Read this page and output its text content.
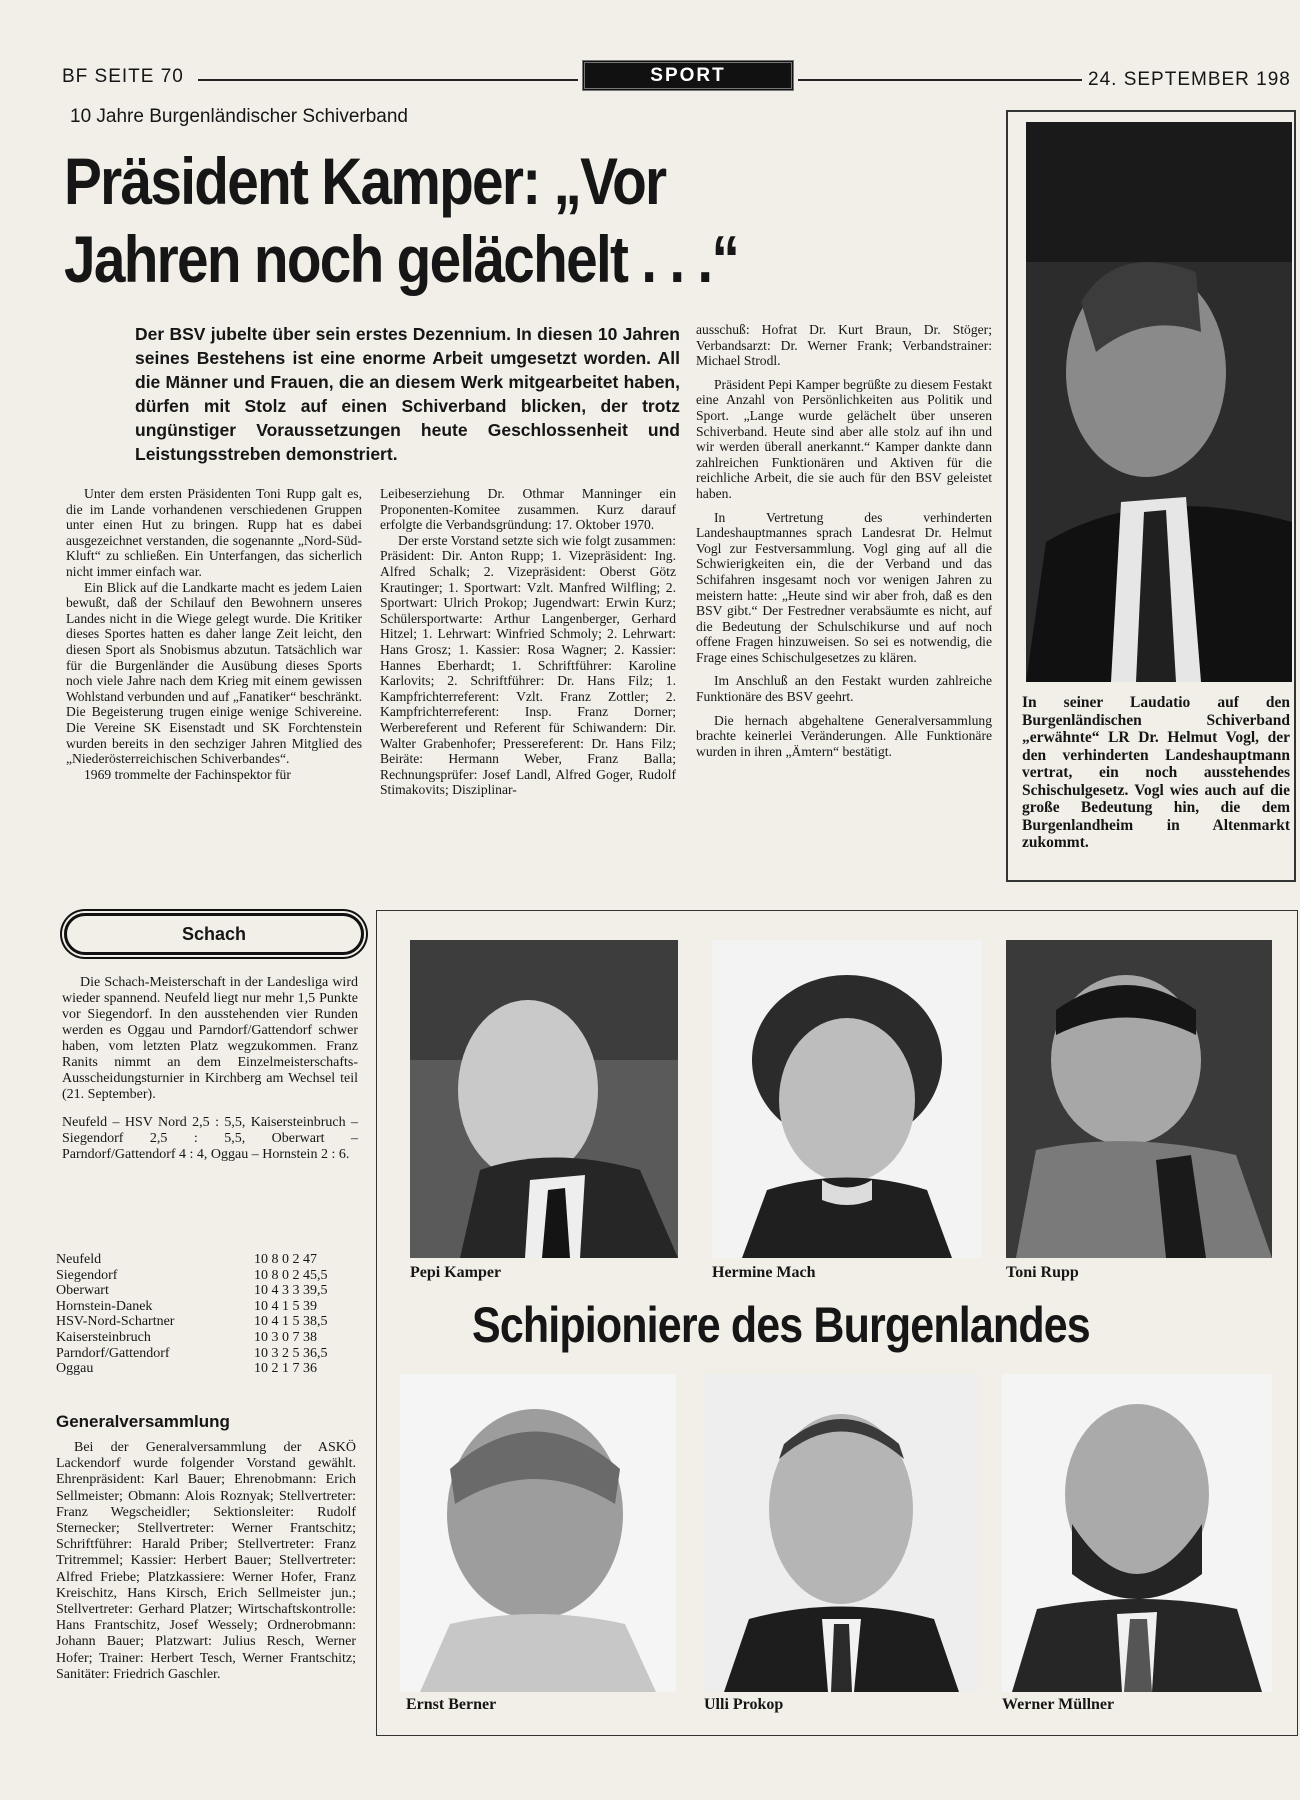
BF SEITE 70	SPORT	24. SEPTEMBER 198
10 Jahre Burgenländischer Schiverband
Präsident Kamper: „Vor
Jahren noch gelächelt . . .“
Der BSV jubelte über sein erstes Dezennium. In diesen 10 Jahren seines Bestehens ist eine enorme Arbeit umgesetzt worden. All die Männer und Frauen, die an diesem Werk mitgearbeitet haben, dürfen mit Stolz auf einen Schiverband blicken, der trotz ungünstiger Voraussetzungen heute Geschlossenheit und Leistungsstreben demonstriert.

Unter dem ersten Präsidenten Toni Rupp galt es, die im Lande vorhandenen verschiedenen Gruppen unter einen Hut zu bringen. Rupp hat es dabei ausgezeichnet verstanden, die sogenannte „Nord-Süd-Kluft“ zu schließen. Ein Unterfangen, das sicherlich nicht immer einfach war.

Ein Blick auf die Landkarte macht es jedem Laien bewußt, daß der Schilauf den Bewohnern unseres Landes nicht in die Wiege gelegt wurde. Die Kritiker dieses Sportes hatten es daher lange Zeit leicht, den diesen Sport als Snobismus abzutun. Tatsächlich war für die Burgenländer die Ausübung dieses Sports noch viele Jahre nach dem Krieg mit einem gewissen Wohlstand verbunden und auf „Fanatiker“ beschränkt. Die Begeisterung trugen einige wenige Schivereine. Die Vereine SK Eisenstadt und SK Forchtenstein wurden bereits in den sechziger Jahren Mitglied des „Niederösterreichischen Schiverbandes“.

1969 trommelte der Fachinspektor für

Leibeserziehung Dr. Othmar Manninger ein Proponenten-Komitee zusammen. Kurz darauf erfolgte die Verbandsgründung: 17. Oktober 1970.

Der erste Vorstand setzte sich wie folgt zusammen: Präsident: Dir. Anton Rupp; 1. Vizepräsident: Ing. Alfred Schalk; 2. Vizepräsident: Oberst Götz Krautinger; 1. Sportwart: Vzlt. Manfred Wilfling; 2. Sportwart: Ulrich Prokop; Jugendwart: Erwin Kurz; Schülersportwarte: Arthur Langenberger, Gerhard Hitzel; 1. Lehrwart: Winfried Schmoly; 2. Lehrwart: Hans Grosz; 1. Kassier: Rosa Wagner; 2. Kassier: Hannes Eberhardt; 1. Schriftführer: Karoline Karlovits; 2. Schriftführer: Dr. Hans Filz; 1. Kampfrichterreferent: Vzlt. Franz Zottler; 2. Kampfrichterreferent: Insp. Franz Dorner; Werbereferent und Referent für Schiwandern: Dir. Walter Grabenhofer; Pressereferent: Dr. Hans Filz; Beiräte: Hermann Weber, Franz Balla; Rechnungsprüfer: Josef Landl, Alfred Goger, Rudolf Stimakovits; Disziplinar-

ausschuß: Hofrat Dr. Kurt Braun, Dr. Stöger; Verbandsarzt: Dr. Werner Frank; Verbandstrainer: Michael Strodl.

Präsident Pepi Kamper begrüßte zu diesem Festakt eine Anzahl von Persönlichkeiten aus Politik und Sport. „Lange wurde gelächelt über unseren Schiverband. Heute sind aber alle stolz auf ihn und wir werden überall anerkannt.“ Kamper dankte dann zahlreichen Funktionären und Aktiven für die reichliche Arbeit, die sie auch für den BSV geleistet haben.

In Vertretung des verhinderten Landeshauptmannes sprach Landesrat Dr. Helmut Vogl zur Festversammlung. Vogl ging auf all die Schwierigkeiten ein, die der Verband und das Schifahren insgesamt noch vor wenigen Jahren zu meistern hatte: „Heute sind wir aber froh, daß es den BSV gibt.“ Der Festredner verabsäumte es nicht, auf die Bedeutung der Schulschikurse und auf noch offene Fragen hinzuweisen. So sei es notwendig, die Frage eines Schischulgesetzes zu klären.

Im Anschluß an den Festakt wurden zahlreiche Funktionäre des BSV geehrt.

Die hernach abgehaltene Generalversammlung brachte keinerlei Veränderungen. Alle Funktionäre wurden in ihren „Ämtern“ bestätigt.

In seiner Laudatio auf den Burgenländischen Schiverband „erwähnte“ LR Dr. Helmut Vogl, der den verhinderten Landeshauptmann vertrat, ein noch ausstehendes Schischulgesetz. Vogl wies auch auf die große Bedeutung hin, die dem Burgenlandheim in Altenmarkt zukommt.
Schach

Die Schach-Meisterschaft in der Landesliga wird wieder spannend. Neufeld liegt nur mehr 1,5 Punkte vor Siegendorf. In den ausstehenden vier Runden werden es Oggau und Parndorf/Gattendorf schwer haben, vom letzten Platz wegzukommen. Franz Ranits nimmt an dem Einzelmeisterschafts-Ausscheidungsturnier in Kirchberg am Wechsel teil (21. September).

Neufeld – HSV Nord 2,5 : 5,5, Kaisersteinbruch – Siegendorf 2,5 : 5,5, Oberwart – Parndorf/Gattendorf 4 : 4, Oggau – Hornstein 2 : 6.

Neufeld	10 8 0 2 47
Siegendorf	10 8 0 2 45,5
Oberwart	10 4 3 3 39,5
Hornstein-Danek	10 4 1 5 39
HSV-Nord-Schartner	10 4 1 5 38,5
Kaisersteinbruch	10 3 0 7 38
Parndorf/Gattendorf	10 3 2 5 36,5
Oggau	10 2 1 7 36
Generalversammlung
Bei der Generalversammlung der ASKÖ Lackendorf wurde folgender Vorstand gewählt. Ehrenpräsident: Karl Bauer; Ehrenobmann: Erich Sellmeister; Obmann: Alois Roznyak; Stellvertreter: Franz Wegscheidler; Sektionsleiter: Rudolf Sternecker; Stellvertreter: Werner Frantschitz; Schriftführer: Harald Priber; Stellvertreter: Franz Tritremmel; Kassier: Herbert Bauer; Stellvertreter: Alfred Friebe; Platzkassiere: Werner Hofer, Franz Kreischitz, Hans Kirsch, Erich Sellmeister jun.; Stellvertreter: Gerhard Platzer; Wirtschaftskontrolle: Hans Frantschitz, Josef Wessely; Ordnerobmann: Johann Bauer; Platzwart: Julius Resch, Werner Hofer; Trainer: Herbert Tesch, Werner Frantschitz; Sanitäter: Friedrich Gaschler.
Pepi Kamper	Hermine Mach	Toni Rupp
Schipioniere des Burgenlandes
Ernst Berner	Ulli Prokop	Werner Müllner
